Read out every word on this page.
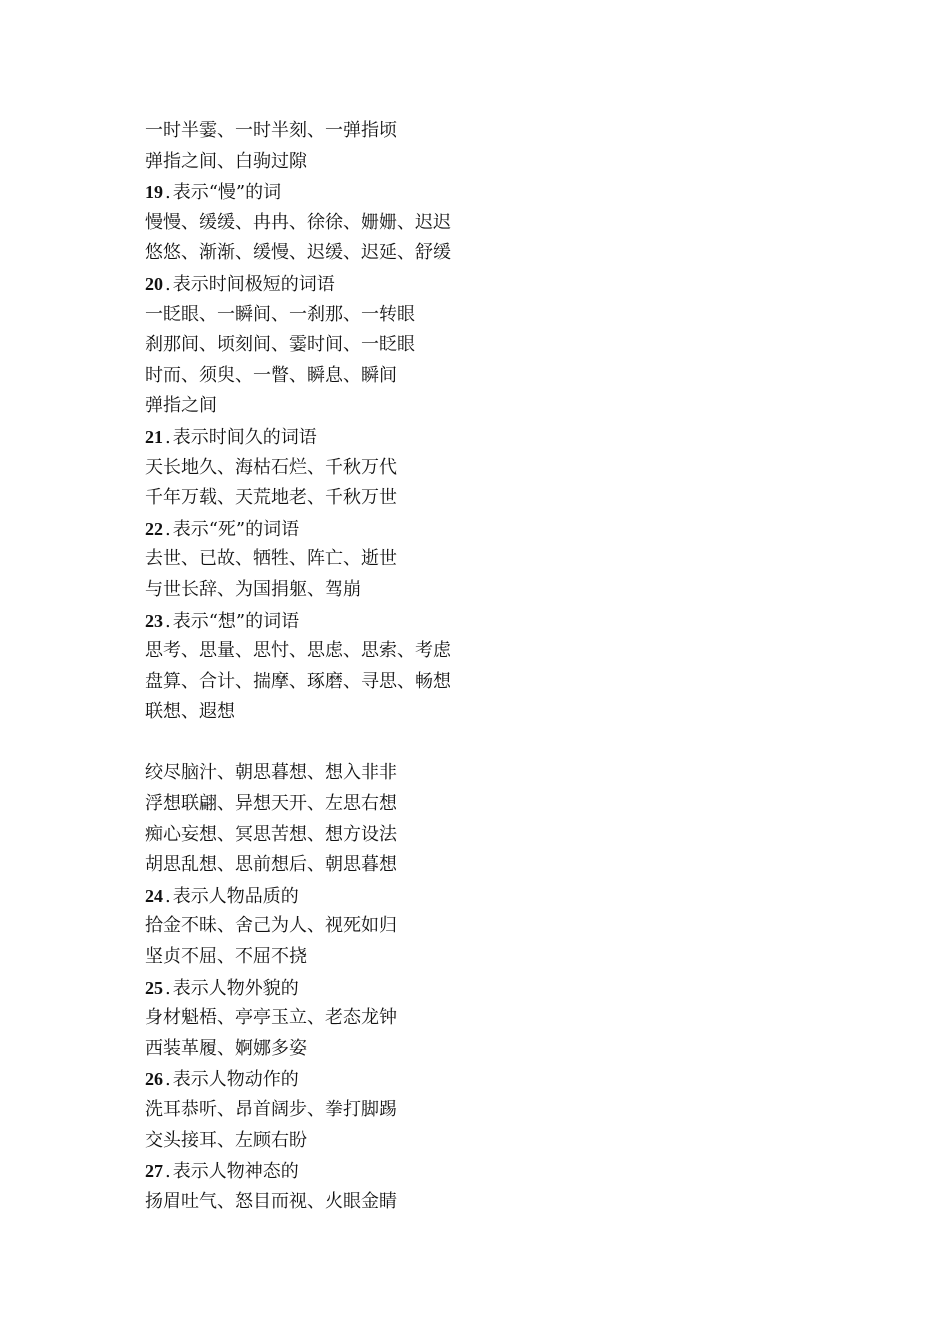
一时半霎、一时半刻、一弹指顷
弹指之间、白驹过隙
19 . 表示“慢”的词
慢慢、缓缓、冉冉、徐徐、姗姗、迟迟
悠悠、渐渐、缓慢、迟缓、迟延、舒缓
20 . 表示时间极短的词语
一眨眼、一瞬间、一刹那、一转眼
刹那间、顷刻间、霎时间、一眨眼
时而、须臾、一瞥、瞬息、瞬间
弹指之间
21 . 表示时间久的词语
天长地久、海枯石烂、千秋万代
千年万载、天荒地老、千秋万世
22 . 表示“死”的词语
去世、已故、牺牲、阵亡、逝世
与世长辞、为国捐躯、驾崩
23 . 表示“想”的词语
思考、思量、思忖、思虑、思索、考虑
盘算、合计、揣摩、琢磨、寻思、畅想
联想、遐想
绞尽脑汁、朝思暮想、想入非非
浮想联翩、异想天开、左思右想
痴心妄想、冥思苦想、想方设法
胡思乱想、思前想后、朝思暮想
24 . 表示人物品质的
拾金不昧、舍己为人、视死如归
坚贞不屈、不屈不挠
25 . 表示人物外貌的
身材魁梧、亭亭玉立、老态龙钟
西装革履、婀娜多姿
26 . 表示人物动作的
洗耳恭听、昂首阔步、拳打脚踢
交头接耳、左顾右盼
27 . 表示人物神态的
扬眉吐气、怒目而视、火眼金睛
